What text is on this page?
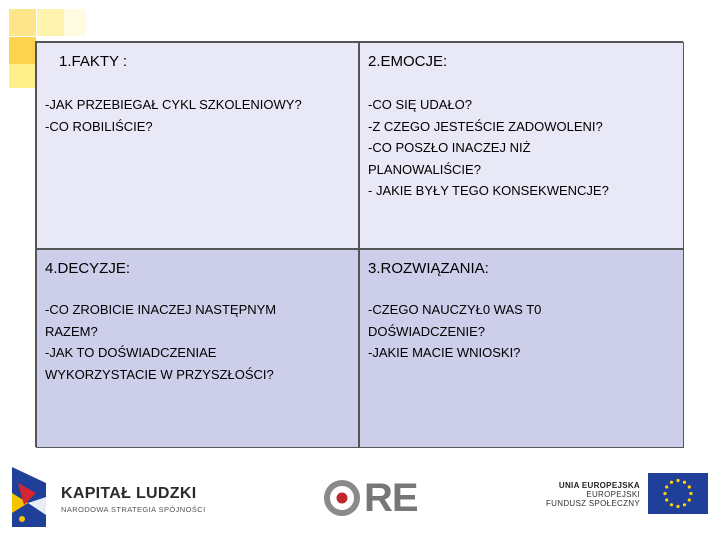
1.FAKTY :
-JAK PRZEBIEGAŁ CYKL SZKOLENIOWY?
-CO ROBILIŚCIE?
2.EMOCJE:
-CO SIĘ UDAŁO?
-Z CZEGO JESTEŚCIE ZADOWOLENI?
-CO POSZŁO INACZEJ NIŻ
PLANOWALIŚCIE?
- JAKIE BYŁY TEGO KONSEKWENCJE?
4.DECYZJE:
-CO ZROBICIE INACZEJ NASTĘPNYM
RAZEM?
-JAK TO DOŚWIADCZENIAE
WYKORZYSTACIE W PRZYSZŁOŚCI?
3.ROZWIĄZANIA:
-CZEGO NAUCZYŁ0 WAS T0
DOŚWIADCZENIE?
-JAKIE MACIE WNIOSKI?
KAPITAŁ LUDZKI
NARODOWA STRATEGIA SPÓJNOŚCI	RE	UNIA EUROPEJSKA
EUROPEJSKI
FUNDUSZ SPOŁECZNY
